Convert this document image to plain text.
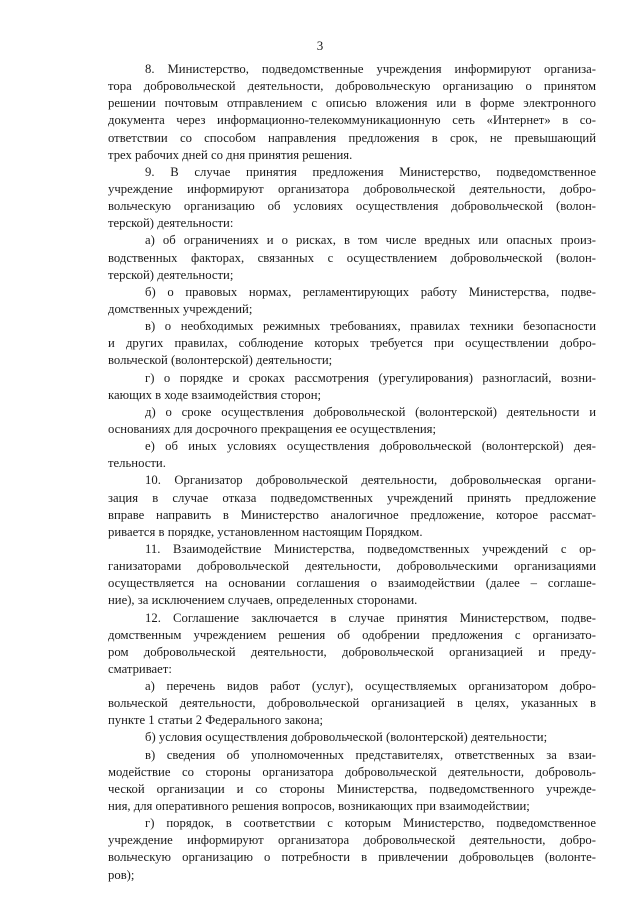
3
8. Министерство, подведомственные учреждения информируют организа-
тора добровольческой деятельности, добровольческую организацию о принятом
решении почтовым отправлением с описью вложения или в форме электронного
документа через информационно-телекоммуникационную сеть «Интернет» в со-
ответствии со способом направления предложения в срок, не превышающий
трех рабочих дней со дня принятия решения.
9. В случае принятия предложения Министерство, подведомственное
учреждение информируют организатора добровольческой деятельности, добро-
вольческую организацию об условиях осуществления добровольческой (волон-
терской) деятельности:
а) об ограничениях и о рисках, в том числе вредных или опасных произ-
водственных факторах, связанных с осуществлением добровольческой (волон-
терской) деятельности;
б) о правовых нормах, регламентирующих работу Министерства, подве-
домственных учреждений;
в) о необходимых режимных требованиях, правилах техники безопасности
и других правилах, соблюдение которых требуется при осуществлении добро-
вольческой (волонтерской) деятельности;
г) о порядке и сроках рассмотрения (урегулирования) разногласий, возни-
кающих в ходе взаимодействия сторон;
д) о сроке осуществления добровольческой (волонтерской) деятельности и
основаниях для досрочного прекращения ее осуществления;
е) об иных условиях осуществления добровольческой (волонтерской) дея-
тельности.
10. Организатор добровольческой деятельности, добровольческая органи-
зация в случае отказа подведомственных учреждений принять предложение
вправе направить в Министерство аналогичное предложение, которое рассмат-
ривается в порядке, установленном настоящим Порядком.
11. Взаимодействие Министерства, подведомственных учреждений с ор-
ганизаторами добровольческой деятельности, добровольческими организациями
осуществляется на основании соглашения о взаимодействии (далее – соглаше-
ние), за исключением случаев, определенных сторонами.
12. Соглашение заключается в случае принятия Министерством, подве-
домственным учреждением решения об одобрении предложения с организато-
ром добровольческой деятельности, добровольческой организацией и преду-
сматривает:
а) перечень видов работ (услуг), осуществляемых организатором добро-
вольческой деятельности, добровольческой организацией в целях, указанных в
пункте 1 статьи 2 Федерального закона;
б) условия осуществления добровольческой (волонтерской) деятельности;
в) сведения об уполномоченных представителях, ответственных за взаи-
модействие со стороны организатора добровольческой деятельности, доброволь-
ческой организации и со стороны Министерства, подведомственного учрежде-
ния, для оперативного решения вопросов, возникающих при взаимодействии;
г) порядок, в соответствии с которым Министерство, подведомственное
учреждение информируют организатора добровольческой деятельности, добро-
вольческую организацию о потребности в привлечении добровольцев (волонте-
ров);
